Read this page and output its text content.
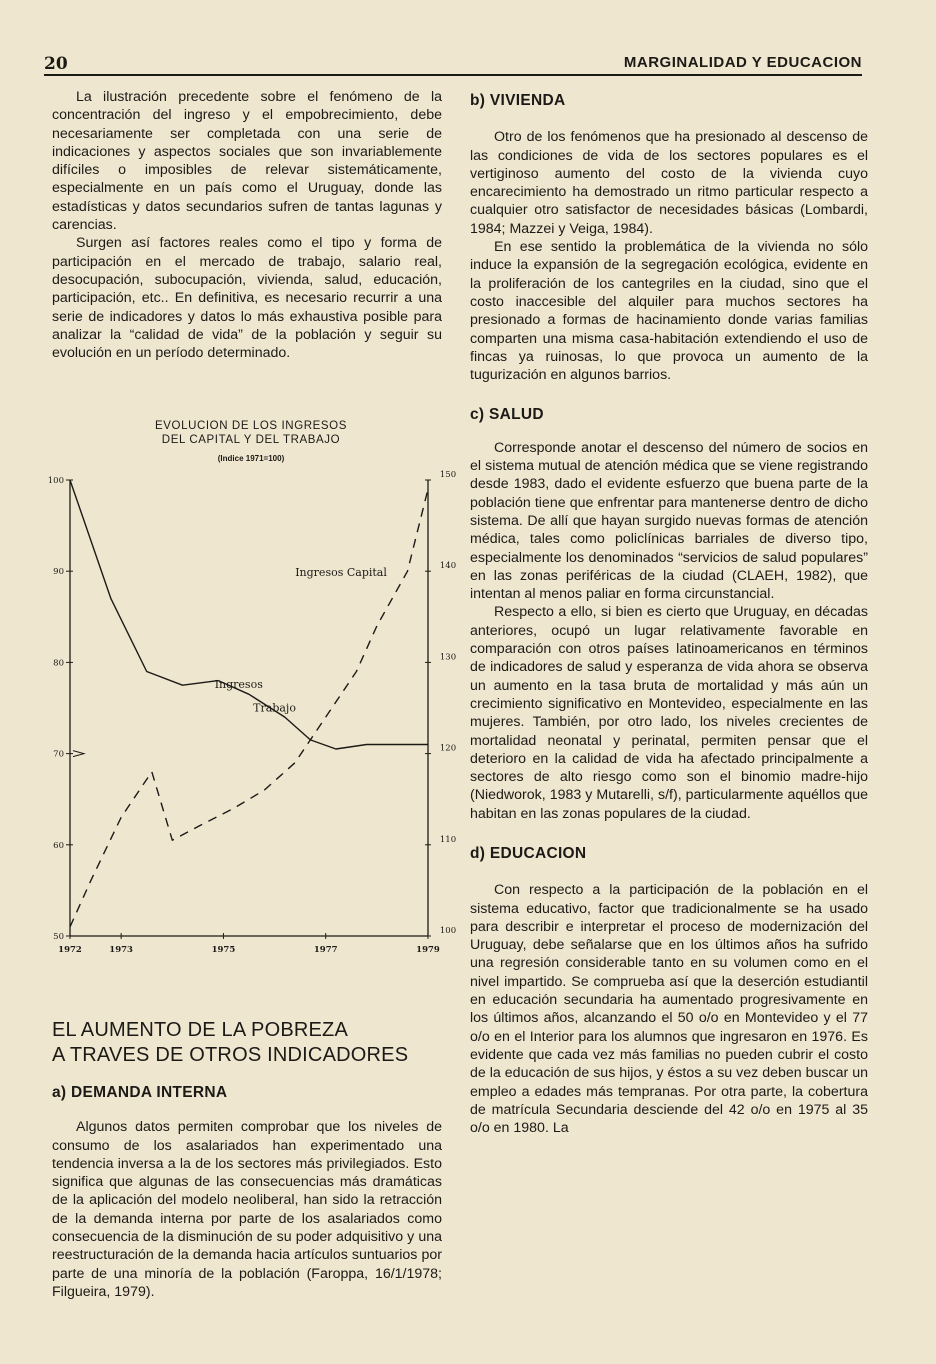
20	MARGINALIDAD Y EDUCACION

La ilustración precedente sobre el fenómeno de la concentración del ingreso y el empobrecimiento, debe necesariamente ser completada con una serie de indicaciones y aspectos sociales que son invariablemente difíciles o imposibles de relevar sistemáticamente, especialmente en un país como el Uruguay, donde las estadísticas y datos secundarios sufren de tantas lagunas y carencias.

Surgen así factores reales como el tipo y forma de participación en el mercado de trabajo, salario real, desocupación, subocupación, vivienda, salud, educación, participación, etc.. En definitiva, es necesario recurrir a una serie de indicadores y datos lo más exhaustiva posible para analizar la “calidad de vida” de la población y seguir su evolución en un período determinado.

EVOLUCION DE LOS INGRESOS
DEL CAPITAL Y DEL TRABAJO
(Indice 1971=100)
50
60
70
80
90
100
100
110
120
130
140
150
1972	1973	1975	1977	1979
Ingresos
Trabajo
Ingresos Capital
EL AUMENTO DE LA POBREZA
A TRAVES DE OTROS INDICADORES
a) DEMANDA INTERNA

Algunos datos permiten comprobar que los niveles de consumo de los asalariados han experimentado una tendencia inversa a la de los sectores más privilegiados. Esto significa que algunas de las consecuencias más dramáticas de la aplicación del modelo neoliberal, han sido la retracción de la demanda interna por parte de los asalariados como consecuencia de la disminución de su poder adquisitivo y una reestructuración de la demanda hacia artículos suntuarios por parte de una minoría de la población (Faroppa, 16/1/1978; Filgueira, 1979).

b) VIVIENDA

Otro de los fenómenos que ha presionado al descenso de las condiciones de vida de los sectores populares es el vertiginoso aumento del costo de la vivienda cuyo encarecimiento ha demostrado un ritmo particular respecto a cualquier otro satisfactor de necesidades básicas (Lombardi, 1984; Mazzei y Veiga, 1984).

En ese sentido la problemática de la vivienda no sólo induce la expansión de la segregación ecológica, evidente en la proliferación de los cantegriles en la ciudad, sino que el costo inaccesible del alquiler para muchos sectores ha presionado a formas de hacinamiento donde varias familias comparten una misma casa-habitación extendiendo el uso de fincas ya ruinosas, lo que provoca un aumento de la tugurización en algunos barrios.

c) SALUD

Corresponde anotar el descenso del número de socios en el sistema mutual de atención médica que se viene registrando desde 1983, dado el evidente esfuerzo que buena parte de la población tiene que enfrentar para mantenerse dentro de dicho sistema. De allí que hayan surgido nuevas formas de atención médica, tales como policlínicas barriales de diverso tipo, especialmente los denominados “servicios de salud populares” en las zonas periféricas de la ciudad (CLAEH, 1982), que intentan al menos paliar en forma circunstancial.

Respecto a ello, si bien es cierto que Uruguay, en décadas anteriores, ocupó un lugar relativamente favorable en comparación con otros países latinoamericanos en términos de indicadores de salud y esperanza de vida ahora se observa un aumento en la tasa bruta de mortalidad y más aún un crecimiento significativo en Montevideo, especialmente en las mujeres. También, por otro lado, los niveles crecientes de mortalidad neonatal y perinatal, permiten pensar que el deterioro en la calidad de vida ha afectado principalmente a sectores de alto riesgo como son el binomio madre-hijo (Niedworok, 1983 y Mutarelli, s/f), particularmente aquéllos que habitan en las zonas populares de la ciudad.

d) EDUCACION

Con respecto a la participación de la población en el sistema educativo, factor que tradicionalmente se ha usado para describir e interpretar el proceso de modernización del Uruguay, debe señalarse que en los últimos años ha sufrido una regresión considerable tanto en su volumen como en el nivel impartido. Se comprueba así que la deserción estudiantil en educación secundaria ha aumentado progresivamente en los últimos años, alcanzando el 50 o/o en Montevideo y el 77 o/o en el Interior para los alumnos que ingresaron en 1976. Es evidente que cada vez más familias no pueden cubrir el costo de la educación de sus hijos, y éstos a su vez deben buscar un empleo a edades más tempranas. Por otra parte, la cobertura de matrícula Secundaria desciende del 42 o/o en 1975 al 35 o/o en 1980. La
